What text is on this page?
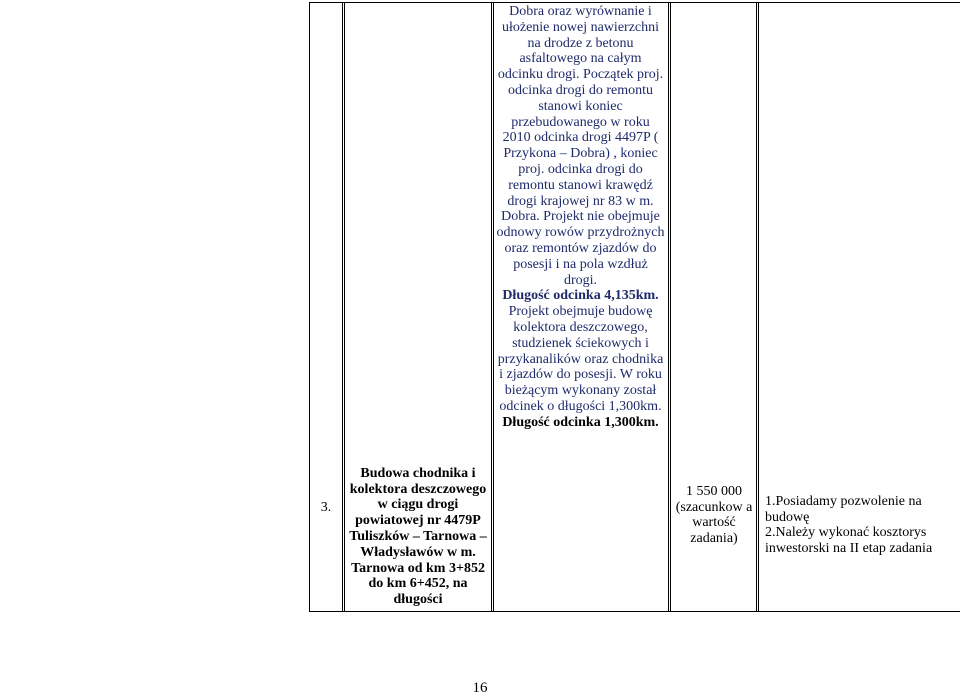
3.

Budowa chodnika i kolektora deszczowego w ciągu drogi powiatowej nr 4479P Tuliszków – Tarnowa – Władysławów w m. Tarnowa od km 3+852 do km 6+452, na długości

Dobra oraz wyrównanie i ułożenie nowej nawierzchni na drodze z betonu asfaltowego na całym odcinku drogi. Początek proj. odcinka drogi do remontu stanowi koniec przebudowanego w roku 2010 odcinka drogi 4497P ( Przykona – Dobra) , koniec proj. odcinka drogi do remontu stanowi krawędź drogi krajowej nr 83 w m. Dobra. Projekt nie obejmuje odnowy rowów przydrożnych oraz remontów zjazdów do posesji i na pola wzdłuż drogi.

Długość odcinka 4,135km.

Projekt obejmuje budowę kolektora deszczowego, studzienek ściekowych i przykanalików oraz chodnika i zjazdów do posesji. W roku bieżącym wykonany został odcinek o długości 1,300km.

Długość odcinka 1,300km.

1 550 000 (szacunkow a wartość zadania)

1.Posiadamy pozwolenie na budowę

2.Należy wykonać kosztorys inwestorski na II etap zadania

16
